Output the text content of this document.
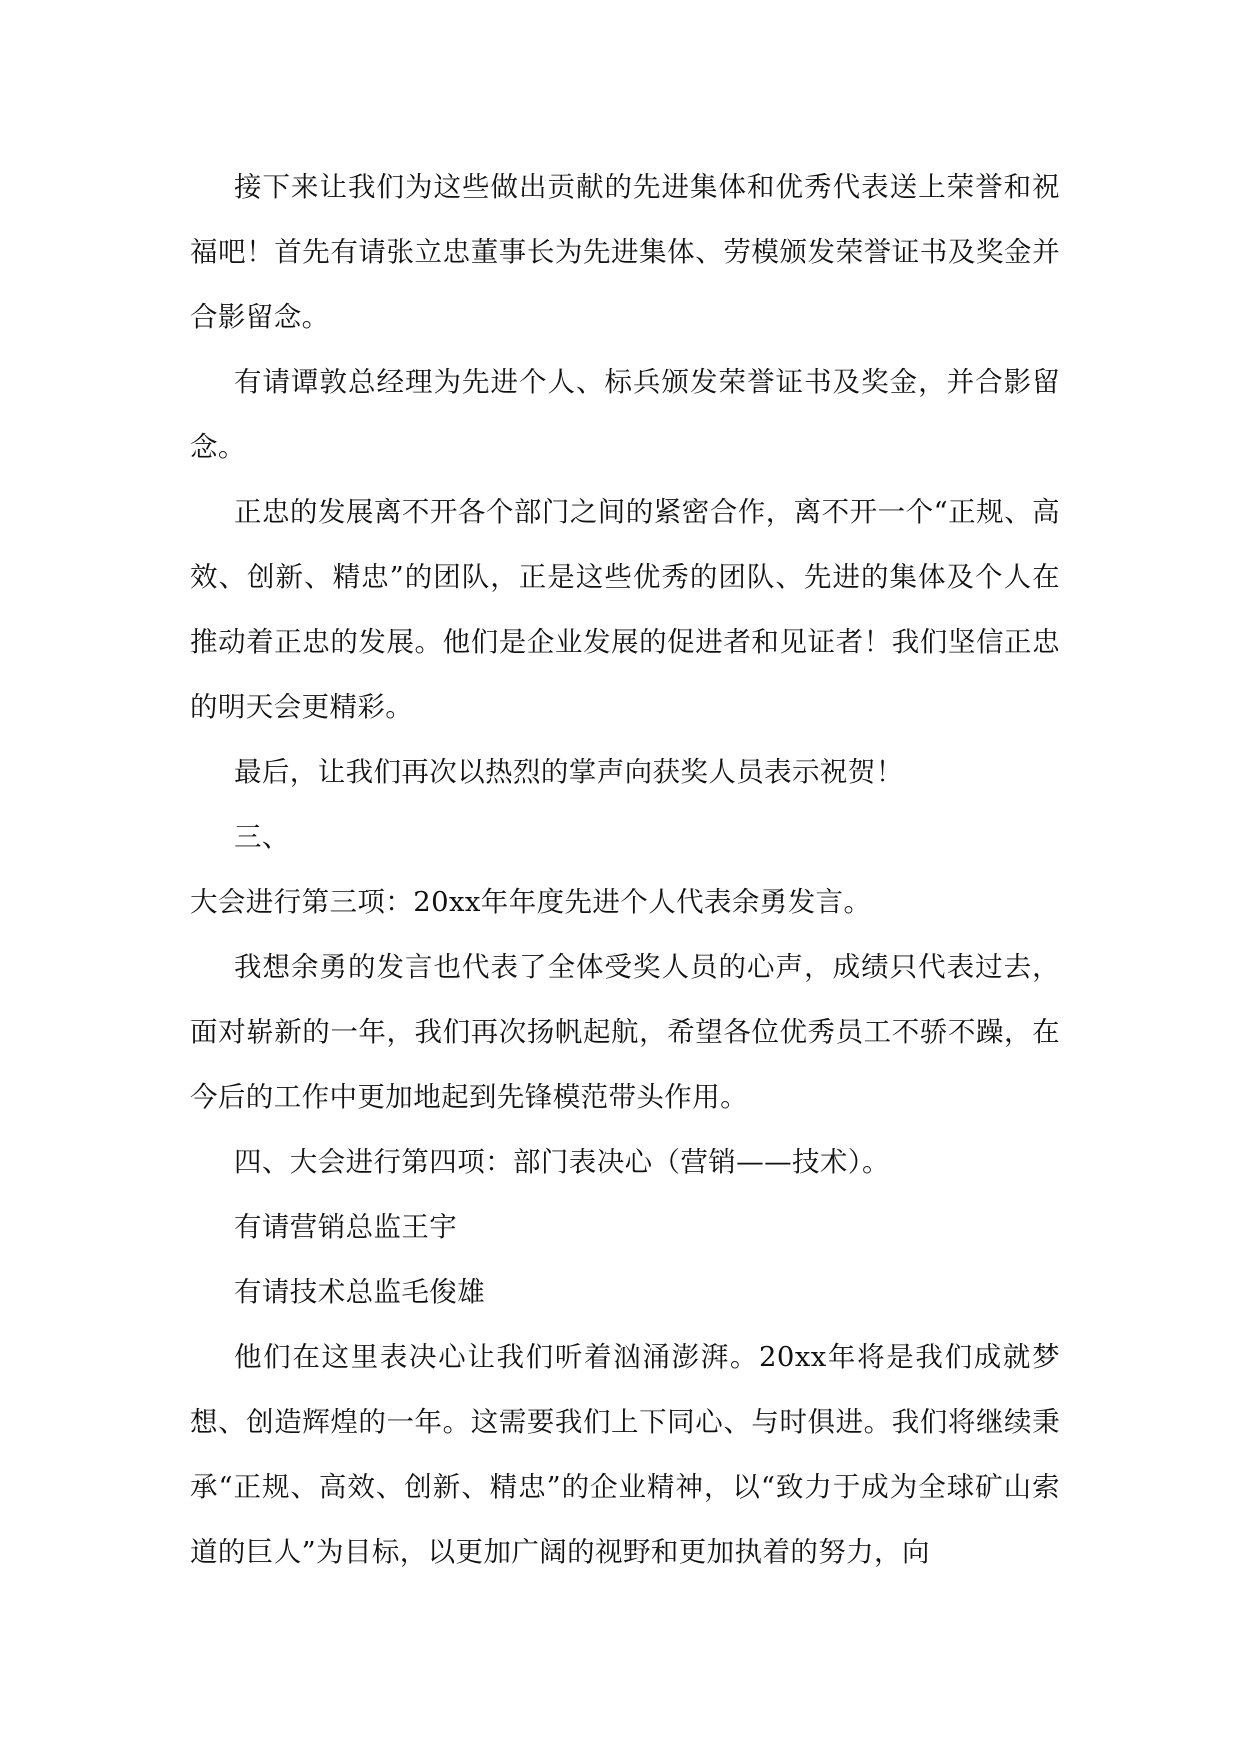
接下来让我们为这些做出贡献的先进集体和优秀代表送上荣誉和祝福吧！首先有请张立忠董事长为先进集体、劳模颁发荣誉证书及奖金并合影留念。

有请谭敦总经理为先进个人、标兵颁发荣誉证书及奖金，并合影留念。

正忠的发展离不开各个部门之间的紧密合作，离不开一个“正规、高效、创新、精忠”的团队，正是这些优秀的团队、先进的集体及个人在推动着正忠的发展。他们是企业发展的促进者和见证者！我们坚信正忠的明天会更精彩。

最后，让我们再次以热烈的掌声向获奖人员表示祝贺！

三、

大会进行第三项：20xx年年度先进个人代表余勇发言。

我想余勇的发言也代表了全体受奖人员的心声，成绩只代表过去，面对崭新的一年，我们再次扬帆起航，希望各位优秀员工不骄不躁，在今后的工作中更加地起到先锋模范带头作用。

四、大会进行第四项：部门表决心（营销——技术）。

有请营销总监王宇

有请技术总监毛俊雄

他们在这里表决心让我们听着汹涌澎湃。20xx年将是我们成就梦想、创造辉煌的一年。这需要我们上下同心、与时俱进。我们将继续秉承“正规、高效、创新、精忠”的企业精神，以“致力于成为全球矿山索道的巨人”为目标，以更加广阔的视野和更加执着的努力，向
